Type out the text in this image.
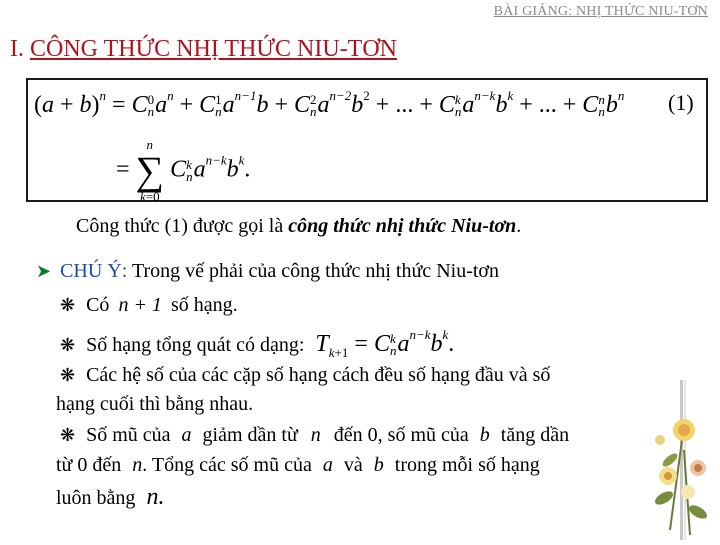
BÀI GIẢNG: NHỊ THỨC NIU-TƠN
I. CÔNG THỨC NHỊ THỨC NIU-TƠN
$(a + b)^n = C$ 0
n $a^n + C$ 1
n $a^{n-1}b + C$ 2
n $a^{n-2}b^2$ + ... + C k
n $a^{n-k}b^k$ + ... + C n
n $b^n$ (1)
=
n
∑
k=0
C k
n $a^{n-k}b^k$.
Công thức (1) được gọi là công thức nhị thức Niu-tơn.
➤ CHÚ Ý: Trong vế phải của công thức nhị thức Niu-tơn
❋ Có n + 1 số hạng.
❋ Số hạng tổng quát có dạng: $T_{k+1} = C$ k
n $a^{n-k}b^k$.
❋ Các hệ số của các cặp số hạng cách đều số hạng đầu và số
hạng cuối thì bằng nhau.
❋ Số mũ của a giảm dần từ n đến 0, số mũ của b tăng dần
từ 0 đến n. Tổng các số mũ của a và b trong mỗi số hạng
luôn bằng n.
